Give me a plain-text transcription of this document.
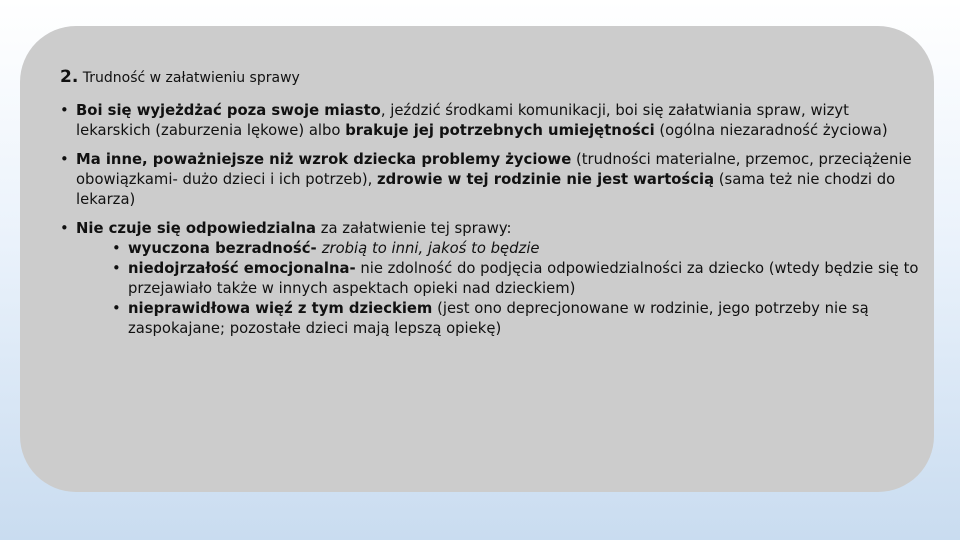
2. Trudność w załatwieniu sprawy
• Boi się wyjeżdżać poza swoje miasto, jeździć środkami komunikacji, boi się załatwiania spraw, wizyt lekarskich (zaburzenia lękowe) albo brakuje jej potrzebnych umiejętności (ogólna niezaradność życiowa)
• Ma inne, poważniejsze niż wzrok dziecka problemy życiowe (trudności materialne, przemoc, przeciążenie obowiązkami- dużo dzieci i ich potrzeb), zdrowie w tej rodzinie nie jest wartością (sama też nie chodzi do lekarza)
• Nie czuje się odpowiedzialna za załatwienie tej sprawy:
• wyuczona bezradność- zrobią to inni, jakoś to będzie
• niedojrzałość emocjonalna- nie zdolność do podjęcia odpowiedzialności za dziecko (wtedy będzie się to przejawiało także w innych aspektach opieki nad dzieckiem)
• nieprawidłowa więź z tym dzieckiem (jest ono deprecjonowane w rodzinie, jego potrzeby nie są zaspokajane; pozostałe dzieci mają lepszą opiekę)
